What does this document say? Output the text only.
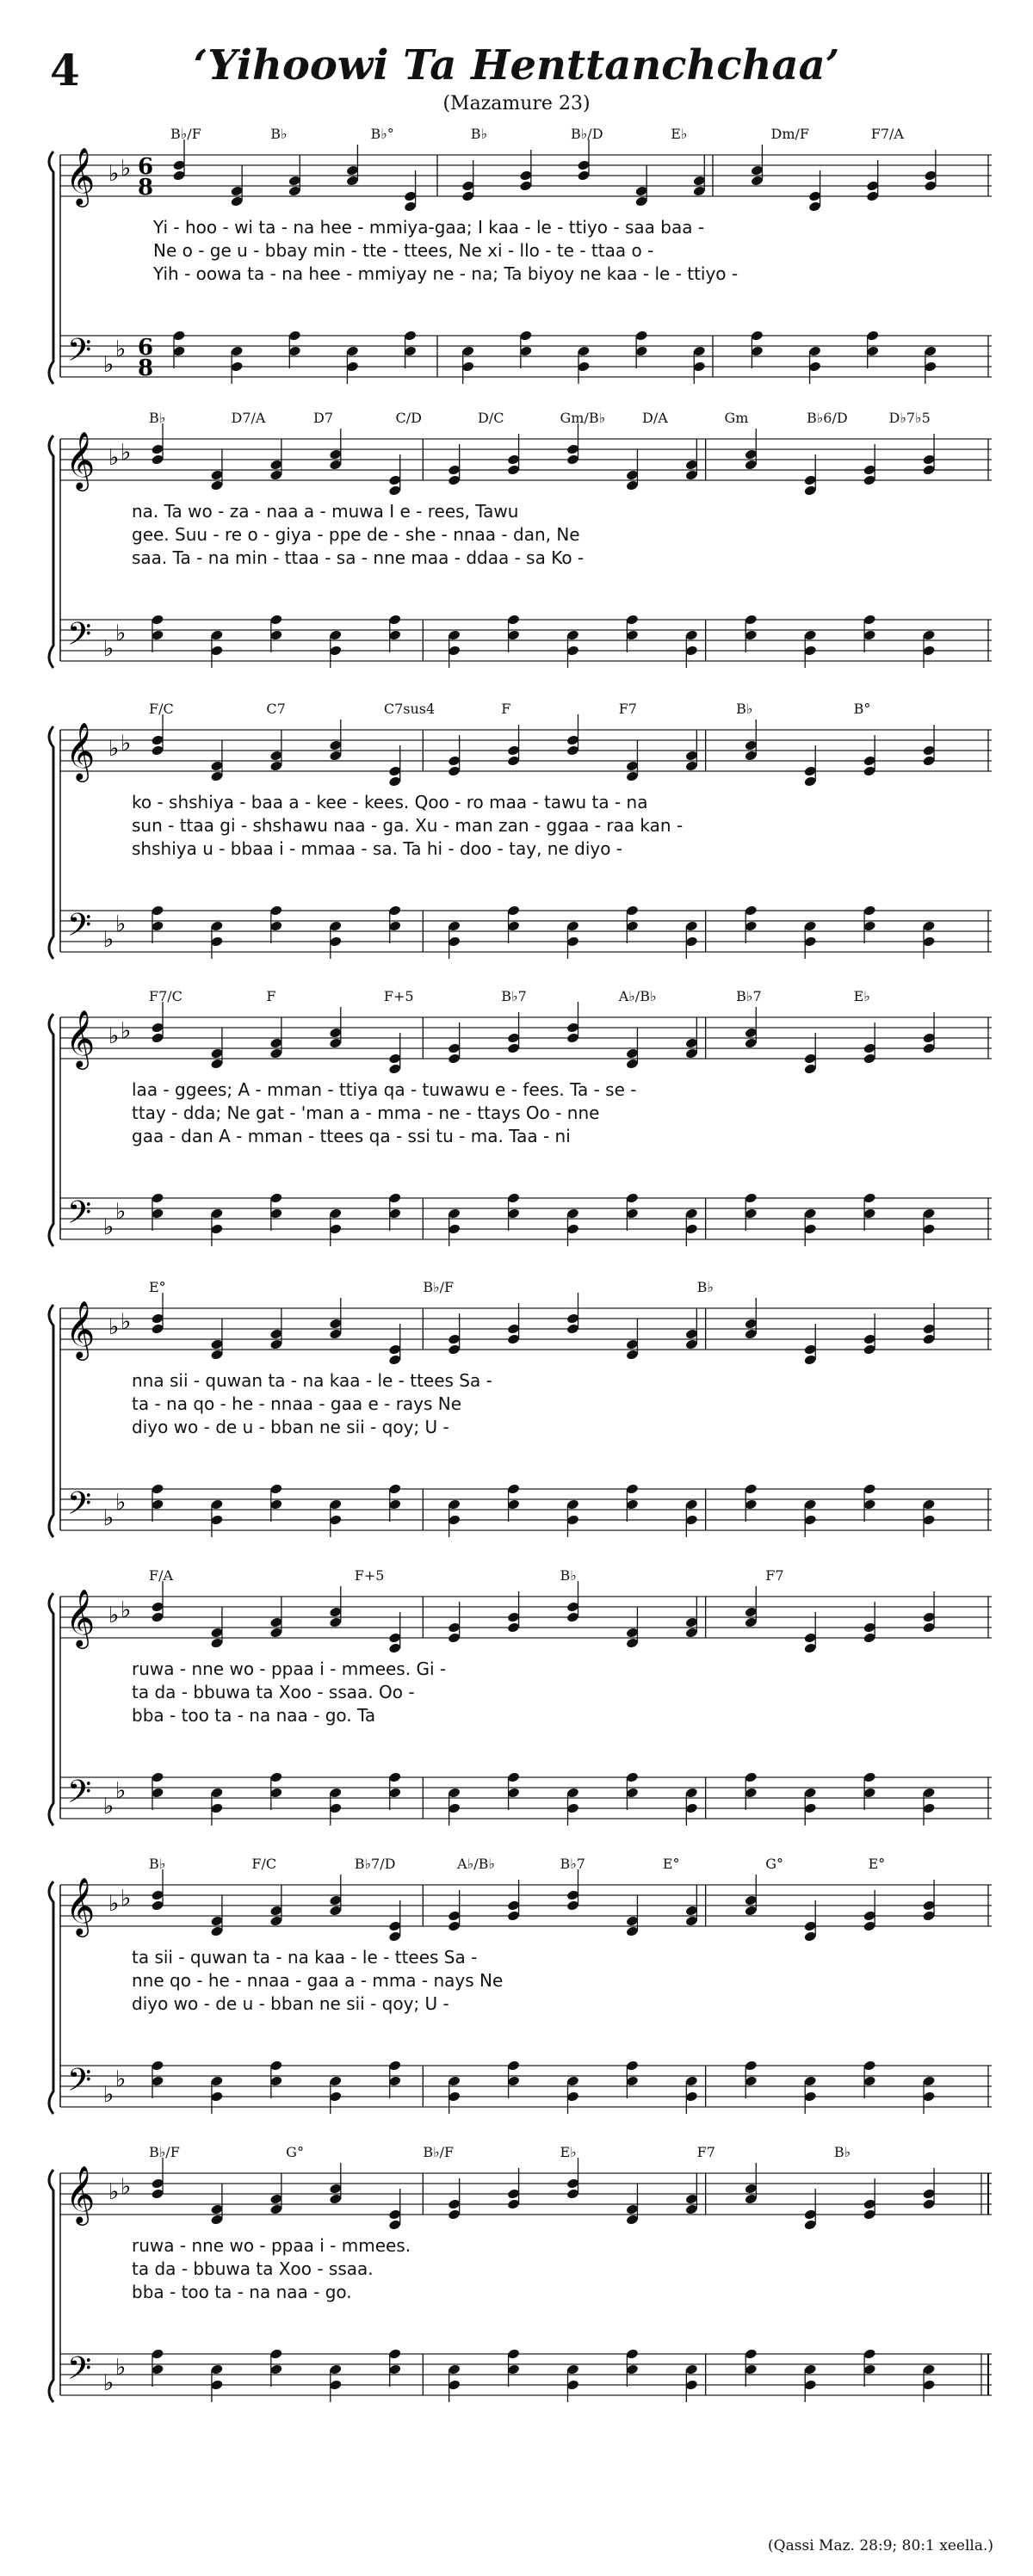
4	‘Yihoowi Ta Henttanchchaa’
(Mazamure 23)
𝄞
𝄢
♭ ♭
♭
♭
6
8
6
8
B♭/F	B♭	B♭°	B♭	B♭/D	E♭	Dm/F	F7/A
Yi - hoo - wi ta - na hee - mmiya-gaa; I kaa - le - ttiyo - saa baa -
Ne o - ge u - bbay min - tte - ttees, Ne xi - llo - te - ttaa o -
Yih - oowa ta - na hee - mmiyay ne - na; Ta biyoy ne kaa - le - ttiyo -
𝄞
𝄢
♭ ♭
♭
♭
B♭	D7/A	D7	C/D	D/C	Gm/B♭	D/A	Gm	B♭6/D	D♭7♭5
na. Ta wo - za - naa a - muwa I e - rees, Tawu
gee. Suu - re o - giya - ppe de - she - nnaa - dan, Ne
saa. Ta - na min - ttaa - sa - nne maa - ddaa - sa Ko -
𝄞
𝄢
♭ ♭
♭
♭
F/C	C7	C7sus4	F	F7	B♭	B°
ko - shshiya - baa a - kee - kees. Qoo - ro maa - tawu ta - na
sun - ttaa gi - shshawu naa - ga. Xu - man zan - ggaa - raa kan -
shshiya u - bbaa i - mmaa - sa. Ta hi - doo - tay, ne diyo -
𝄞
𝄢
♭ ♭
♭
♭
F7/C	F	F+5	B♭7	A♭/B♭	B♭7	E♭
laa - ggees; A - mman - ttiya qa - tuwawu e - fees. Ta - se -
ttay - dda; Ne gat - 'man a - mma - ne - ttays Oo - nne
gaa - dan A - mman - ttees qa - ssi tu - ma. Taa - ni
𝄞
𝄢
♭ ♭
♭
♭
E°	B♭/F	B♭
nna sii - quwan ta - na kaa - le - ttees Sa -
ta - na qo - he - nnaa - gaa e - rays Ne
diyo wo - de u - bban ne sii - qoy; U -
𝄞
𝄢
♭ ♭
♭
♭
F/A	F+5	B♭	F7
ruwa - nne wo - ppaa i - mmees. Gi -
ta da - bbuwa ta Xoo - ssaa. Oo -
bba - too ta - na naa - go. Ta
𝄞
𝄢
♭ ♭
♭
♭
B♭	F/C	B♭7/D	A♭/B♭	B♭7	E°	G°	E°
ta sii - quwan ta - na kaa - le - ttees Sa -
nne qo - he - nnaa - gaa a - mma - nays Ne
diyo wo - de u - bban ne sii - qoy; U -
𝄞
𝄢
♭ ♭
♭
♭
B♭/F	G°	B♭/F	E♭	F7	B♭
ruwa - nne wo - ppaa i - mmees.
ta da - bbuwa ta Xoo - ssaa.
bba - too ta - na naa - go.
(Qassi Maz. 28:9; 80:1 xeella.)
